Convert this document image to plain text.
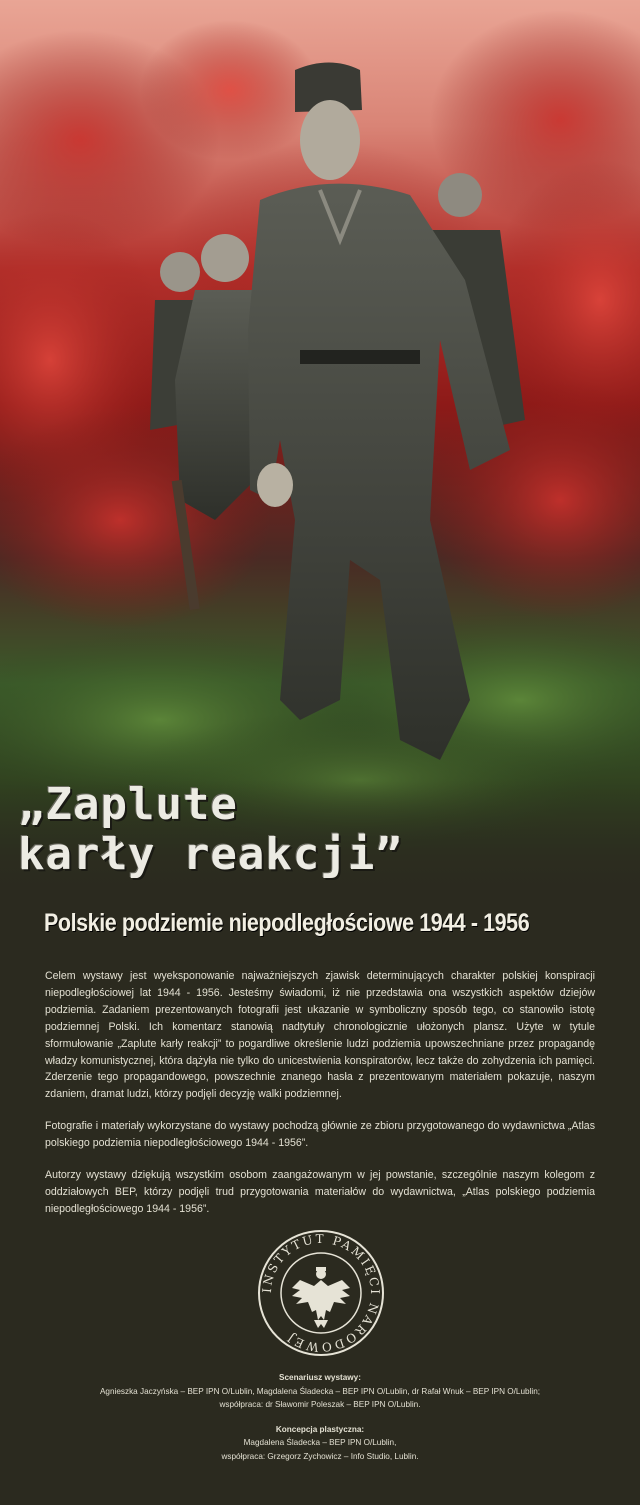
„Zaplute
karły reakcji”
Polskie podziemie niepodległościowe 1944 - 1956

Celem wystawy jest wyeksponowanie najważniejszych zjawisk determinujących charakter polskiej konspiracji niepodległościowej lat 1944 - 1956. Jesteśmy świadomi, iż nie przedstawia ona wszystkich aspektów dziejów podziemia. Zadaniem prezentowanych fotografii jest ukazanie w symboliczny sposób tego, co stanowiło istotę podziemnej Polski. Ich komentarz stanowią nadtytuły chronologicznie ułożonych plansz. Użyte w tytule sformułowanie „Zaplute karły reakcji” to pogardliwe określenie ludzi podziemia upowszechniane przez propagandę władzy komunistycznej, która dążyła nie tylko do unicestwienia konspiratorów, lecz także do zohydzenia ich pamięci. Zderzenie tego propagandowego, powszechnie znanego hasła z prezentowanym materiałem pokazuje, naszym zdaniem, dramat ludzi, którzy podjęli decyzję walki podziemnej.

Fotografie i materiały wykorzystane do wystawy pochodzą głównie ze zbioru przygotowanego do wydawnictwa „Atlas polskiego podziemia niepodległościowego 1944 - 1956”.

Autorzy wystawy dziękują wszystkim osobom zaangażowanym w jej powstanie, szczególnie naszym kolegom z oddziałowych BEP, którzy podjęli trud przygotowania materiałów do wydawnictwa, „Atlas polskiego podziemia niepodległościowego 1944 - 1956”.

INSTYTUT PAMIĘCI NARODOWEJ
Scenariusz wystawy:
Agnieszka Jaczyńska – BEP IPN O/Lublin, Magdalena Śladecka – BEP IPN O/Lublin, dr Rafał Wnuk – BEP IPN O/Lublin;
współpraca: dr Sławomir Poleszak – BEP IPN O/Lublin.
Koncepcja plastyczna:
Magdalena Śladecka – BEP IPN O/Lublin,
współpraca: Grzegorz Zychowicz – Info Studio, Lublin.
